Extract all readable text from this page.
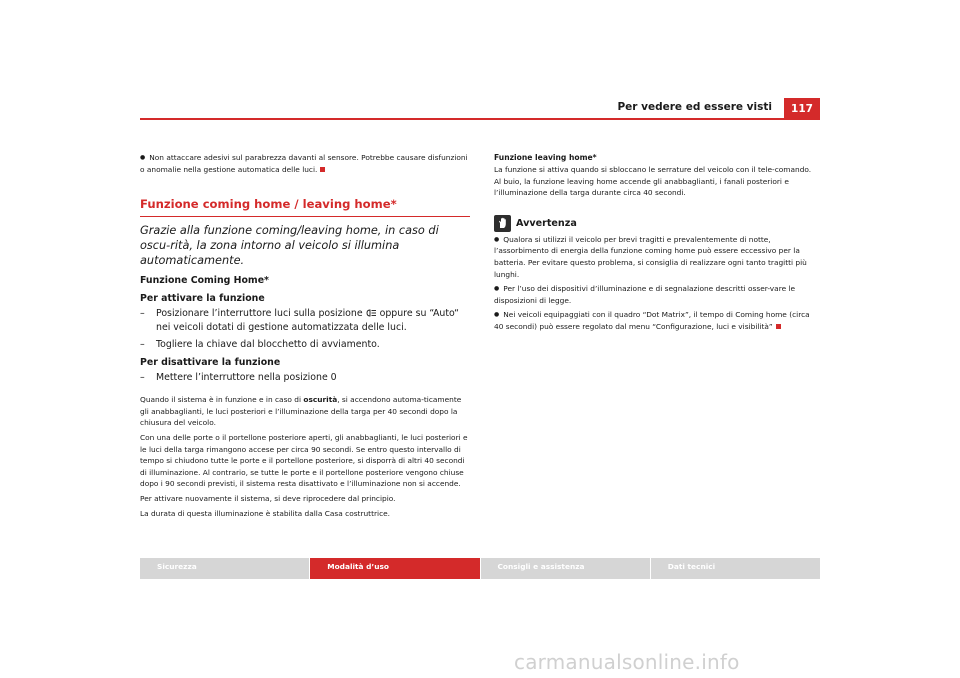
Per vedere ed essere visti	117

● Non attaccare adesivi sul parabrezza davanti al sensore. Potrebbe causare disfunzioni o anomalie nella gestione automatica delle luci.

Funzione coming home / leaving home*

Grazie alla funzione coming/leaving home, in caso di oscu-rità, la zona intorno al veicolo si illumina automaticamente.

Funzione Coming Home*

Per attivare la funzione

–	Posizionare l’interruttore luci sulla posizione oppure su “Auto“ nei veicoli dotati di gestione automatizzata delle luci.
–	Togliere la chiave dal blocchetto di avviamento.

Per disattivare la funzione

–	Mettere l’interruttore nella posizione 0

Quando il sistema è in funzione e in caso di oscurità, si accendono automa-ticamente gli anabbaglianti, le luci posteriori e l’illuminazione della targa per 40 secondi dopo la chiusura del veicolo.

Con una delle porte o il portellone posteriore aperti, gli anabbaglianti, le luci posteriori e le luci della targa rimangono accese per circa 90 secondi. Se entro questo intervallo di tempo si chiudono tutte le porte e il portellone posteriore, si disporrà di altri 40 secondi di illuminazione. Al contrario, se tutte le porte e il portellone posteriore vengono chiuse dopo i 90 secondi previsti, il sistema resta disattivato e l’illuminazione non si accende.

Per attivare nuovamente il sistema, si deve riprocedere dal principio.

La durata di questa illuminazione è stabilita dalla Casa costruttrice.

Funzione leaving home*

La funzione si attiva quando si sbloccano le serrature del veicolo con il tele-comando. Al buio, la funzione leaving home accende gli anabbaglianti, i fanali posteriori e l’illuminazione della targa durante circa 40 secondi.

Avvertenza

● Qualora si utilizzi il veicolo per brevi tragitti e prevalentemente di notte, l’assorbimento di energia della funzione coming home può essere eccessivo per la batteria. Per evitare questo problema, si consiglia di realizzare ogni tanto tragitti più lunghi.

● Per l’uso dei dispositivi d’illuminazione e di segnalazione descritti osser-vare le disposizioni di legge.

● Nei veicoli equipaggiati con il quadro “Dot Matrix”, il tempo di Coming home (circa 40 secondi) può essere regolato dal menu “Configurazione, luci e visibilità”

Sicurezza	Modalità d’uso	Consigli e assistenza	Dati tecnici
carmanualsonline.info
